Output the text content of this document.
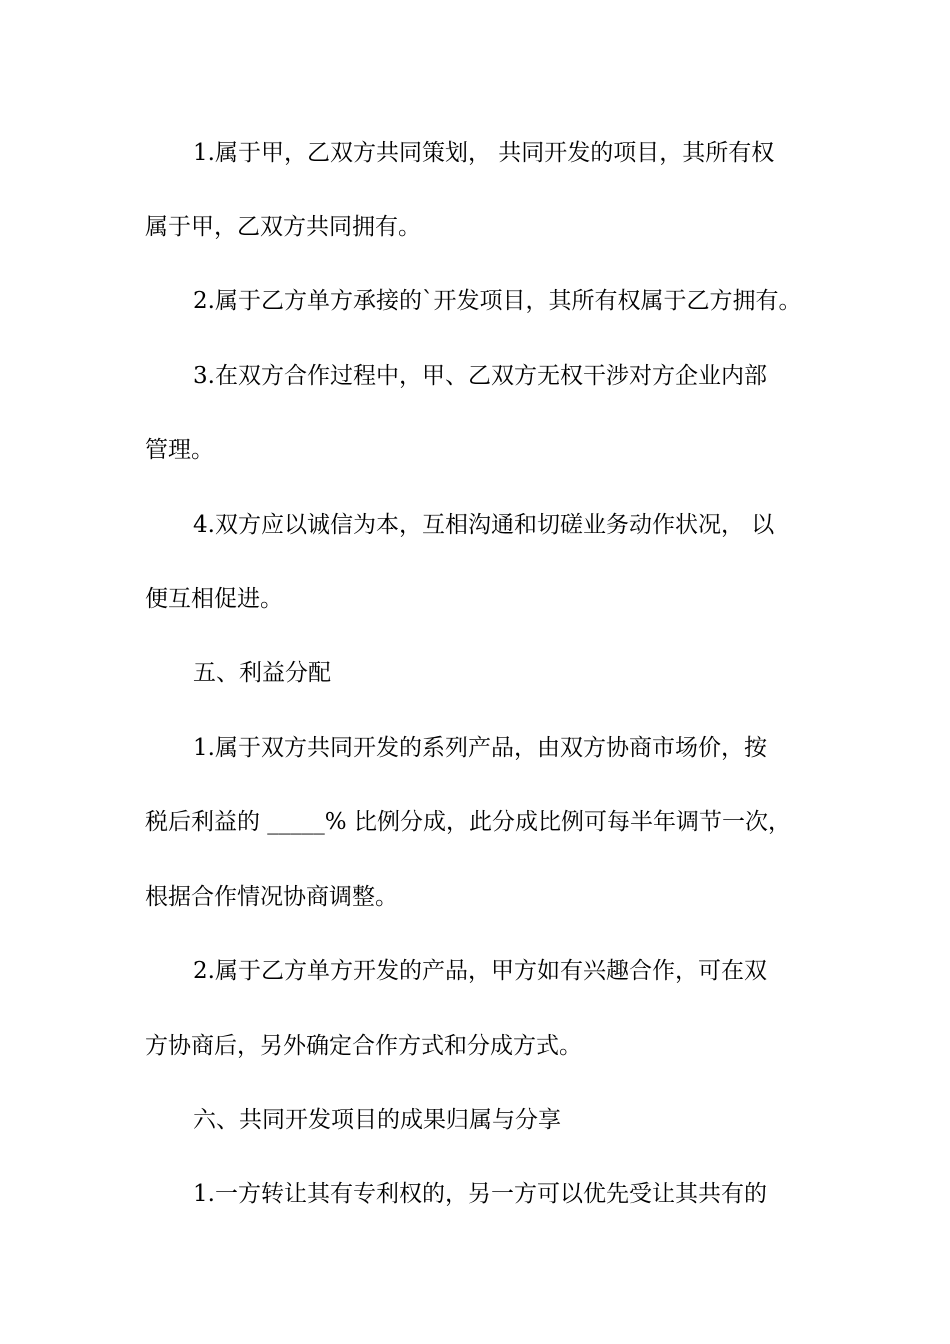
1.属于甲，乙双方共同策划， 共同开发的项目，其所有权
属于甲，乙双方共同拥有。
2.属于乙方单方承接的`开发项目，其所有权属于乙方拥有。
3.在双方合作过程中，甲、乙双方无权干涉对方企业内部
管理。
4.双方应以诚信为本，互相沟通和切磋业务动作状况， 以
便互相促进。
五、利益分配
1.属于双方共同开发的系列产品，由双方协商市场价，按
税后利益的 _____% 比例分成，此分成比例可每半年调节一次，
根据合作情况协商调整。
2.属于乙方单方开发的产品，甲方如有兴趣合作，可在双
方协商后，另外确定合作方式和分成方式。
六、共同开发项目的成果归属与分享
1.一方转让其有专利权的，另一方可以优先受让其共有的
